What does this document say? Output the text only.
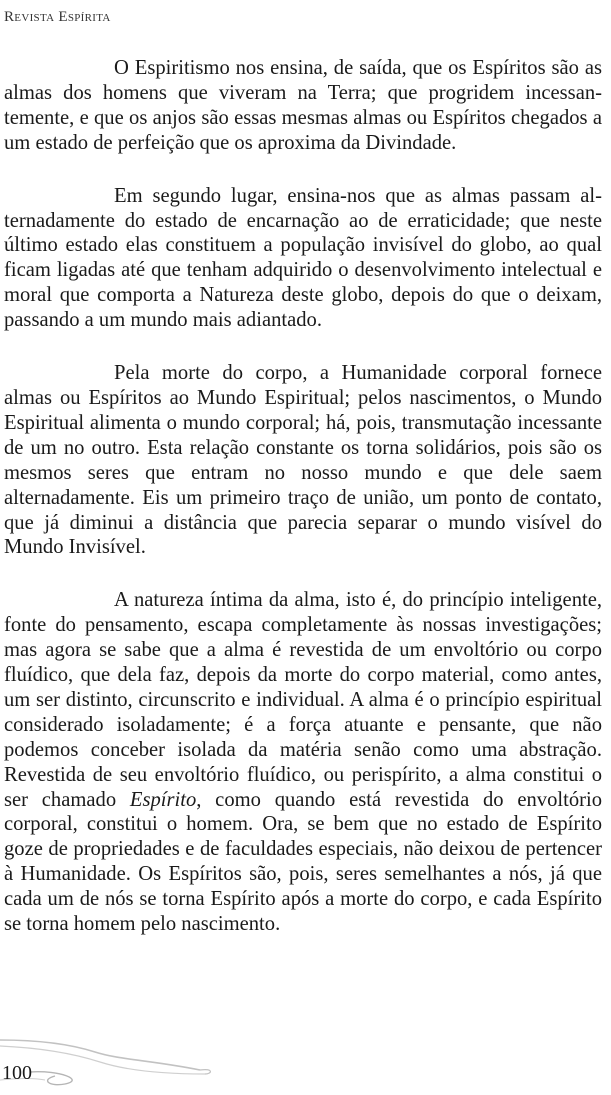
Revista Espírita

O Espiritismo nos ensina, de saída, que os Espíritos são as almas dos homens que viveram na Terra; que progridem incessantemente, e que os anjos são essas mesmas almas ou Espíritos chegados a um estado de perfeição que os aproxima da Divindade.

Em segundo lugar, ensina-nos que as almas passam alternadamente do estado de encarnação ao de erraticidade; que neste último estado elas constituem a população invisível do globo, ao qual ficam ligadas até que tenham adquirido o desenvolvimento intelectual e moral que comporta a Natureza deste globo, depois do que o deixam, passando a um mundo mais adiantado.

Pela morte do corpo, a Humanidade corporal fornece almas ou Espíritos ao Mundo Espiritual; pelos nascimentos, o Mundo Espiritual alimenta o mundo corporal; há, pois, transmutação incessante de um no outro. Esta relação constante os torna solidários, pois são os mesmos seres que entram no nosso mundo e que dele saem alternadamente. Eis um primeiro traço de união, um ponto de contato, que já diminui a distância que parecia separar o mundo visível do Mundo Invisível.

A natureza íntima da alma, isto é, do princípio inteligente, fonte do pensamento, escapa completamente às nossas investigações; mas agora se sabe que a alma é revestida de um envoltório ou corpo fluídico, que dela faz, depois da morte do corpo material, como antes, um ser distinto, circunscrito e individual. A alma é o princípio espiritual considerado isoladamente; é a força atuante e pensante, que não podemos conceber isolada da matéria senão como uma abstração. Revestida de seu envoltório fluídico, ou perispírito, a alma constitui o ser chamado Espírito, como quando está revestida do envoltório corporal, constitui o homem. Ora, se bem que no estado de Espírito goze de propriedades e de faculdades especiais, não deixou de pertencer à Humanidade. Os Espíritos são, pois, seres semelhantes a nós, já que cada um de nós se torna Espírito após a morte do corpo, e cada Espírito se torna homem pelo nascimento.

100
